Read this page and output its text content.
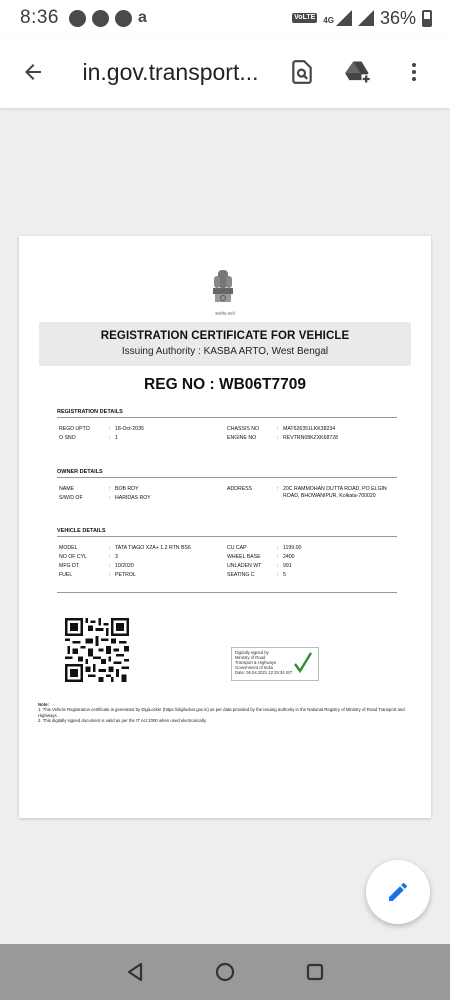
8:36	a	VoLTE 4G	36%
in.gov.transport...
सत्यमेव जयते
REGISTRATION CERTIFICATE FOR VEHICLE
Issuing Authority : KASBA ARTO, West Bengal
REG NO : WB06T7709
REGISTRATION DETAILS
REGD UPTO	: 18-Oct-2035
O SNO	: 1
CHASSIS NO	: MAT626351LKK38234
ENGINE NO	: REVTRN08KZXK68728
OWNER DETAILS
NAME	: BOB ROY
S/W/D OF	: HARIDAS ROY
ADDRESS	: 20C RAMMOHAN DUTTA ROAD, PO ELGIN ROAD, BHOWANIPUR, Kolkata-700020
VEHICLE DETAILS
MODEL	: TATA TIAGO XZA+ 1.2 RTN BS6
NO OF CYL	: 3
MFG DT	: 10/2020
FUEL	: PETROL
CU CAP	: 1199.00
WHEEL BASE	: 2400
UNLADEN WT	: 991
SEATING C	: 5
Digitally signed by
Ministry of Road
Transport & Highways
Government of India
Date: 06.04.2021 12:25:34 IST
Note:
1. This Vehicle Registration certificate is generated by DigiLocker (https://digilocker.gov.in) as per data provided by the issuing authority in the National Registry of Ministry of Road Transport and Highways.
2. This digitally signed document is valid as per the IT Act 2000 when used electronically.
